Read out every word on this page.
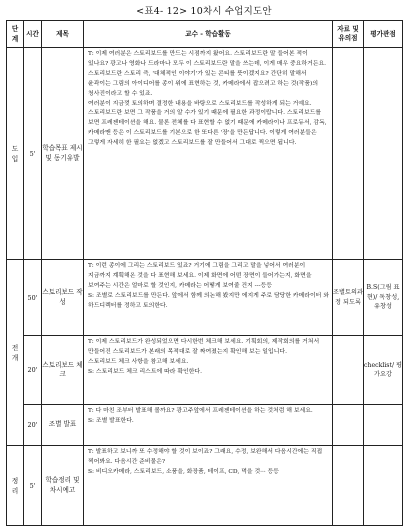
<표4- 12> 10차시 수업지도안
단계	시간	제목	교수 - 학습활동	자료 및 유의점	평가관점
도입	5'	학습목표 제시 및 동기유발	T: 이제 여러분은 스토리보드를 만드는 시점까지 왔어요. 스토리보드란 말 들어본 적이 있나요? 광고나 영화나 드라마나 모두 이 스토리보드란 말을 쓰는데, 이게 매우 중요하거든요. 스토리보드란 스토리 즉, '대체적인 이야기'가 있는 콘티를 뜻이겠지요? 간단히 말해서 윤곽이는 그림의 아이디어를 종이 위에 표현하는 것, 카메라에서 잡으려고 하는 것(작품)의 청사진이라고 할 수 있죠.

여러분이 지금껏 토의하며 결정한 내용을 바탕으로 스토리보드를 작성하게 되는 거예요. 스토리보드란 보면 그 작품을 거의 알 수가 있기 때문에 필요한 과정이랍니다. 스토리보드를 보면 프레젠테이션을 해요. 물론 전체를 다 표현할 수 없기 때문에 카메라이나 프로듀서, 감독, 카메라맨 등은 이 스토리보드를 기본으로 한 또다른 '장'을 만든답니다. 이렇게 여러분들은 그렇게 자세히 한 필요는 없겠고 스토리보드를 잘 만들어서 그대로 찍으면 됩니다.		

전개	50'	스토리보드 작성	T: 이런 종이에 그리는 스토리보드 있죠? 거기에 그림을 그리고 말을 넣어서 여러분이 지금까지 계획해온 것을 다 표현해 보세요. 이제 화면에 어떤 장면이 들어가는지, 화면을 보여주는 시간은 얼마로 할 것인지, 카메라는 어떻게 보여줄 건지 ---등등

S: 조별로 스토리보드를 만든다. 앞에서 함께 의논해 봤지만 에지게 주로 담당한 카메라이터 와 하드디렉터를 정하고 토의한다.	조별토의과 정 되도록	B.S(그림 표현)/ 독창성, 유창성
	20'	스토리보드 체크	T: 이제 스토리보드가 완성되었으면 다시한번 체크해 보세요. 기획회의, 제작회의를 거쳐서 만들어진 스토리보드가 본래의 목적대로 잘 짜여졌는지 확인해 보는 일입니다.

스토리보드 체크 사항을 참고해 보세요.

S: 스토리보드 체크 리스트에 따라 확인한다.		checklist/ 평가요강
	20'	조별 발표	T: 다 마친 조부터 발표해 볼까요? 광고주앞에서 프레젠테이션을 하는 것처럼 해 보세요.

S: 조별 발표한다.		

정리	5'	학습정리 및 차시예고	T: 발표하고 보니까 또 수정해야 할 것이 보이죠? 그래요, 수정, 보완해서 다음시간에는 직접 찍어봐요. 다음시간 준비물은?

S: 비디오카메라, 스토리보드, 소품을, 화장품, 테이프, CD, 먹을 것··· 등등		
